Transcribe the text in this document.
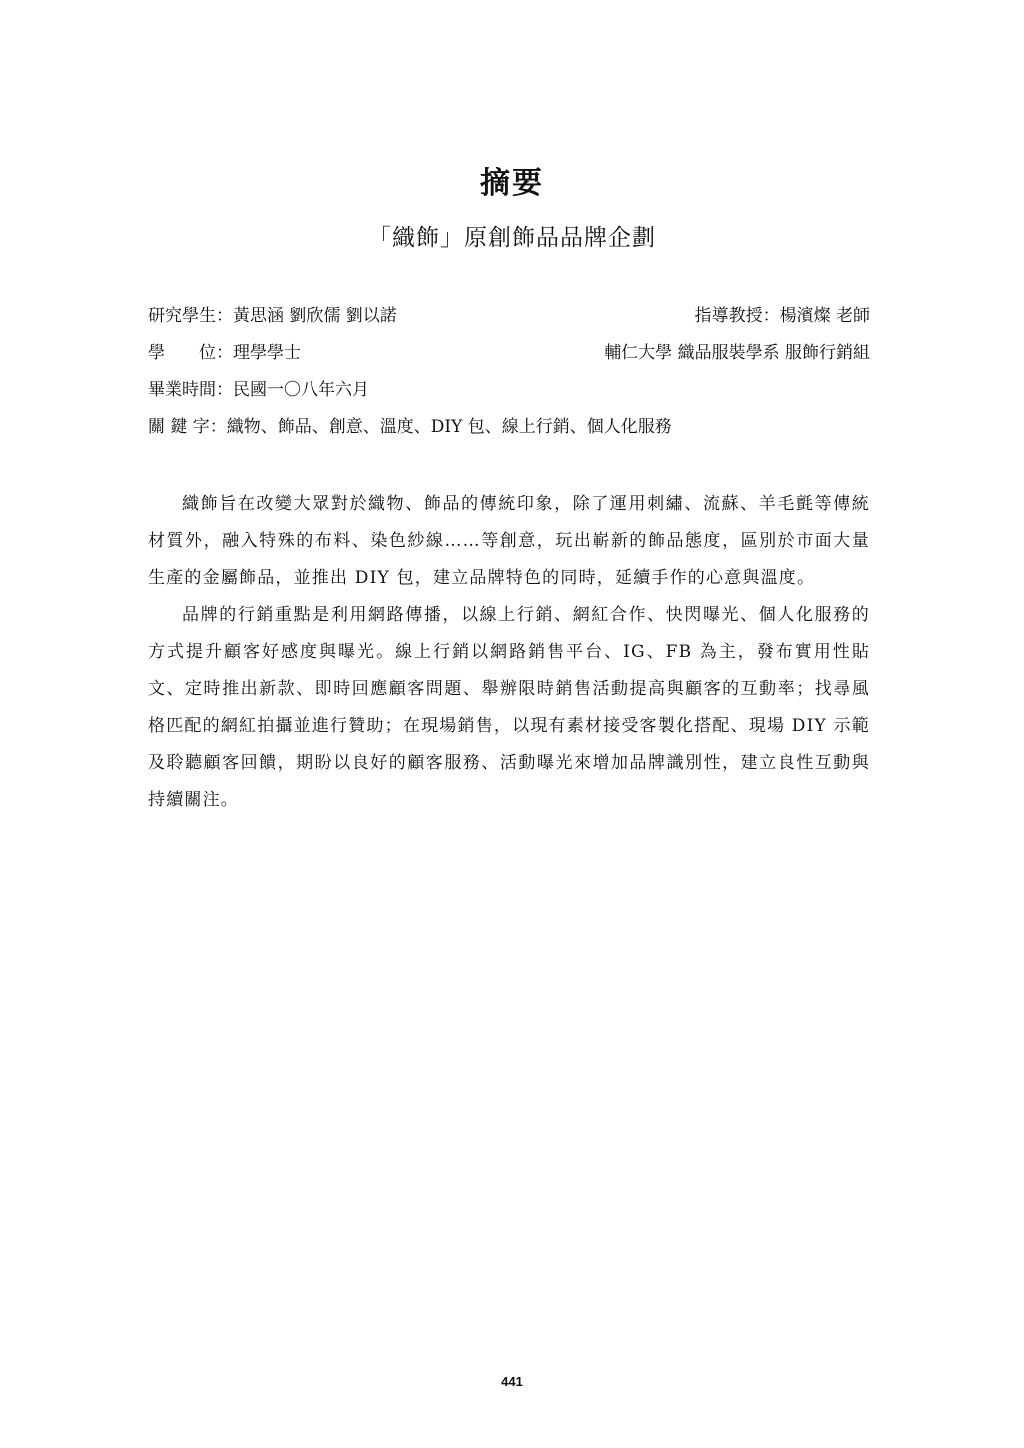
摘要
「織飾」原創飾品品牌企劃
研究學生：黃思涵 劉欣儒 劉以諾	指導教授：楊濱燦 老師
學　　位：理學學士	輔仁大學 織品服裝學系 服飾行銷組
畢業時間：民國一〇八年六月
關 鍵 字：織物、飾品、創意、溫度、DIY 包、線上行銷、個人化服務

織飾旨在改變大眾對於織物、飾品的傳統印象，除了運用刺繡、流蘇、羊毛氈等傳統材質外，融入特殊的布料、染色紗線……等創意，玩出嶄新的飾品態度，區別於市面大量生產的金屬飾品，並推出 DIY 包，建立品牌特色的同時，延續手作的心意與溫度。

品牌的行銷重點是利用網路傳播，以線上行銷、網紅合作、快閃曝光、個人化服務的方式提升顧客好感度與曝光。線上行銷以網路銷售平台、IG、FB 為主，發布實用性貼文、定時推出新款、即時回應顧客問題、舉辦限時銷售活動提高與顧客的互動率；找尋風格匹配的網紅拍攝並進行贊助；在現場銷售，以現有素材接受客製化搭配、現場 DIY 示範及聆聽顧客回饋，期盼以良好的顧客服務、活動曝光來增加品牌識別性，建立良性互動與持續關注。

441
